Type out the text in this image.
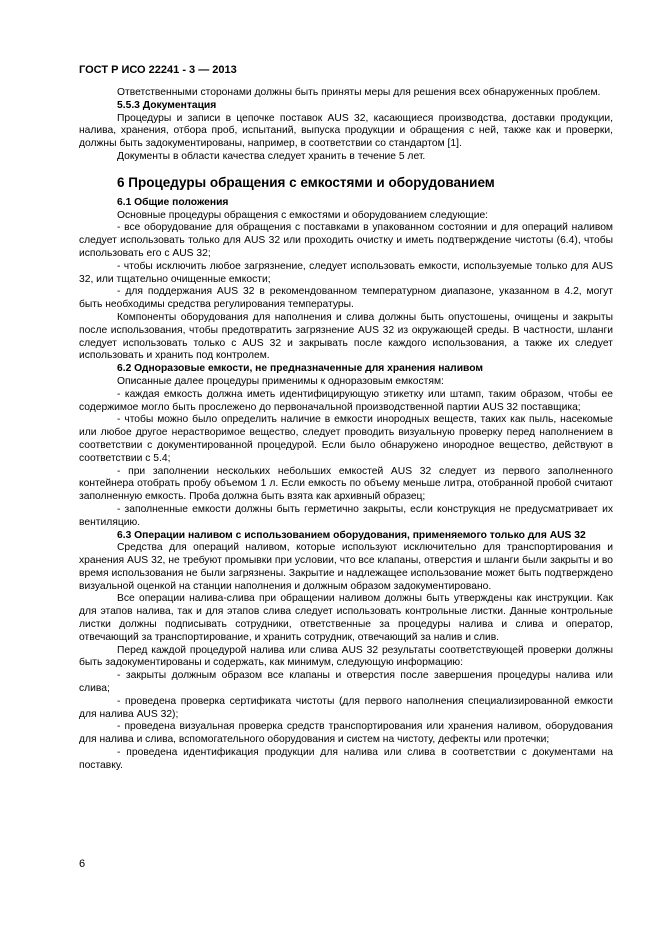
ГОСТ Р ИСО 22241 - 3 — 2013

Ответственными сторонами должны быть приняты меры для решения всех обнаруженных проблем.

5.5.3 Документация

Процедуры и записи в цепочке поставок AUS 32, касающиеся производства, доставки продукции, налива, хранения, отбора проб, испытаний, выпуска продукции и обращения с ней, также как и проверки, должны быть задокументированы, например, в соответствии со стандартом [1].

Документы в области качества следует хранить в течение 5 лет.

6 Процедуры обращения с емкостями и оборудованием
6.1 Общие положения

Основные процедуры обращения с емкостями и оборудованием следующие:

- все оборудование для обращения с поставками в упакованном состоянии и для операций наливом следует использовать только для AUS 32 или проходить очистку и иметь подтверждение чистоты (6.4), чтобы использовать его с AUS 32;

- чтобы исключить любое загрязнение, следует использовать емкости, используемые только для AUS 32, или тщательно очищенные емкости;

- для поддержания AUS 32 в рекомендованном температурном диапазоне, указанном в 4.2, могут быть необходимы средства регулирования температуры.

Компоненты оборудования для наполнения и слива должны быть опустошены, очищены и закрыты после использования, чтобы предотвратить загрязнение AUS 32 из окружающей среды. В частности, шланги следует использовать только с AUS 32 и закрывать после каждого использования, а также их следует использовать и хранить под контролем.

6.2 Одноразовые емкости, не предназначенные для хранения наливом

Описанные далее процедуры применимы к одноразовым емкостям:

- каждая емкость должна иметь идентифицирующую этикетку или штамп, таким образом, чтобы ее содержимое могло быть прослежено до первоначальной производственной партии AUS 32 поставщика;

- чтобы можно было определить наличие в емкости инородных веществ, таких как пыль, насекомые или любое другое нерастворимое вещество, следует проводить визуальную проверку перед наполнением в соответствии с документированной процедурой. Если было обнаружено инородное вещество, действуют в соответствии с 5.4;

- при заполнении нескольких небольших емкостей AUS 32 следует из первого заполненного контейнера отобрать пробу объемом 1 л. Если емкость по объему меньше литра, отобранной пробой считают заполненную емкость. Проба должна быть взята как архивный образец;

- заполненные емкости должны быть герметично закрыты, если конструкция не предусматривает их вентиляцию.

6.3 Операции наливом с использованием оборудования, применяемого только для AUS 32

Средства для операций наливом, которые используют исключительно для транспортирования и хранения AUS 32, не требуют промывки при условии, что все клапаны, отверстия и шланги были закрыты и во время использования не были загрязнены. Закрытие и надлежащее использование может быть подтверждено визуальной оценкой на станции наполнения и должным образом задокументировано.

Все операции налива-слива при обращении наливом должны быть утверждены как инструкции. Как для этапов налива, так и для этапов слива следует использовать контрольные листки. Данные контрольные листки должны подписывать сотрудники, ответственные за процедуры налива и слива и оператор, отвечающий за транспортирование, и хранить сотрудник, отвечающий за налив и слив.

Перед каждой процедурой налива или слива AUS 32 результаты соответствующей проверки должны быть задокументированы и содержать, как минимум, следующую информацию:

- закрыты должным образом все клапаны и отверстия после завершения процедуры налива или слива;

- проведена проверка сертификата чистоты (для первого наполнения специализированной емкости для налива AUS 32);

- проведена визуальная проверка средств транспортирования или хранения наливом, оборудования для налива и слива, вспомогательного оборудования и систем на чистоту, дефекты или протечки;

- проведена идентификация продукции для налива или слива в соответствии с документами на поставку.

6
